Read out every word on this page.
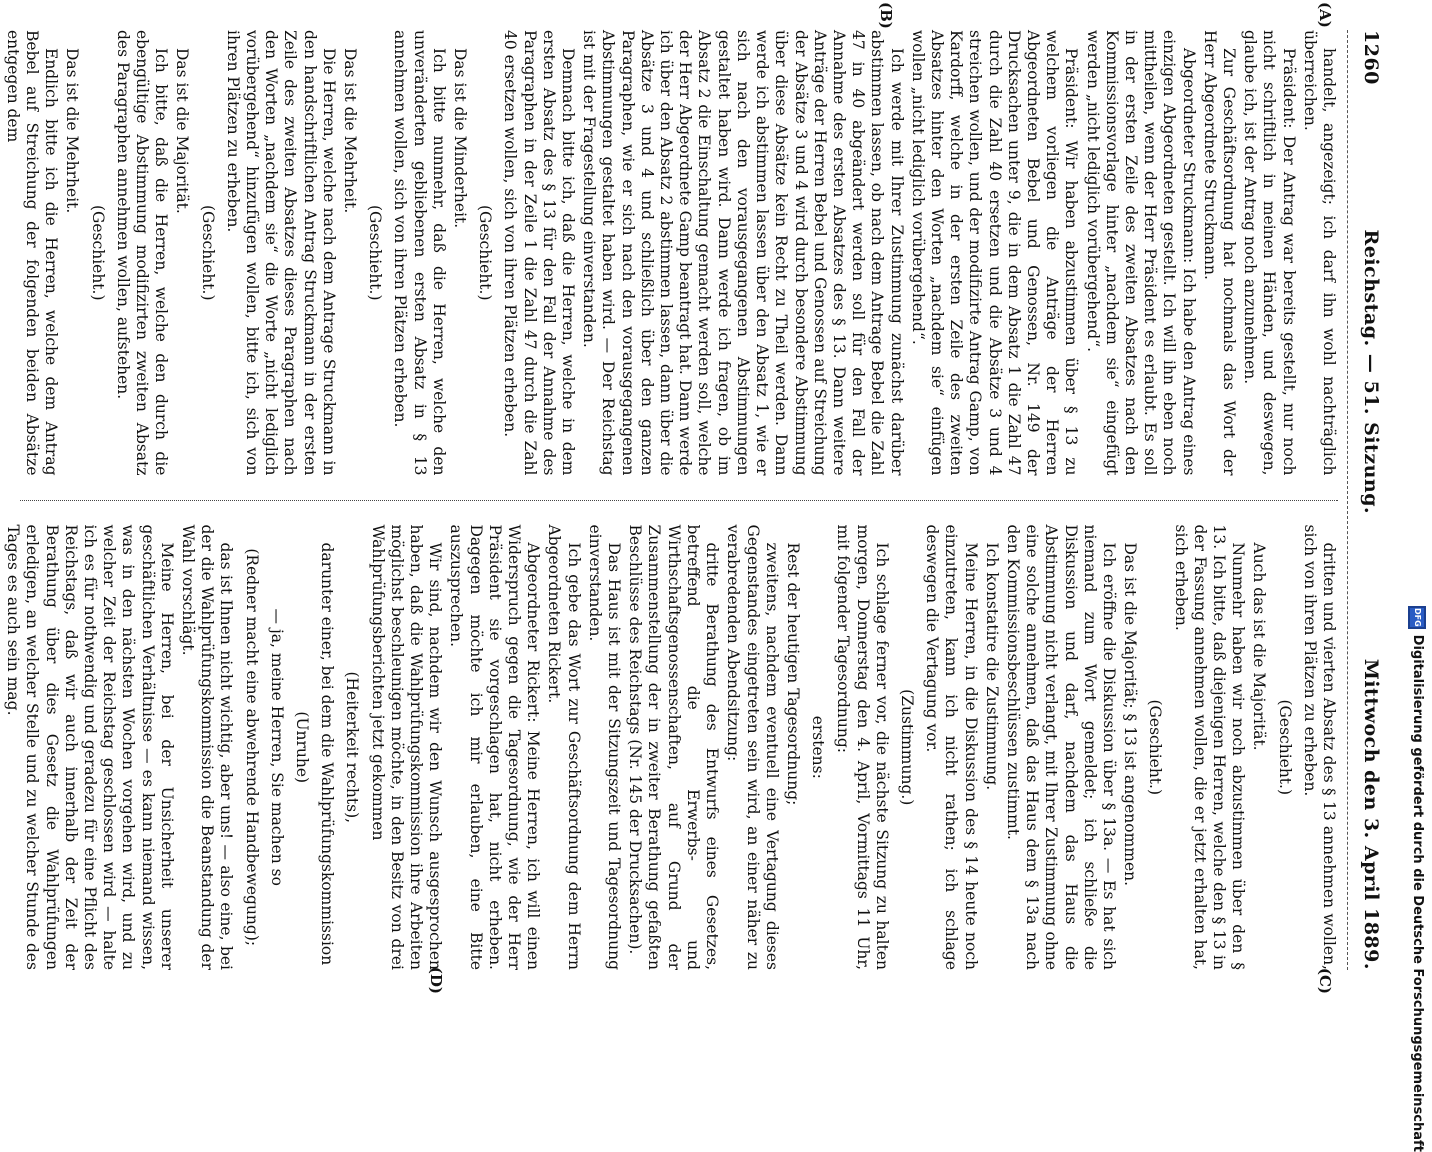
1260
Reichstag. — 51. Sitzung.
Mittwoch den 3. April 1889.
(A)
(B)
(C)
(D)

handelt, angezeigt; ich darf ihn wohl nachträglich überreichen.

Präsident: Der Antrag war bereits gestellt, nur noch nicht schriftlich in meinen Händen, und deswegen, glaube ich, ist der Antrag noch anzunehmen.

Zur Geschäftsordnung hat nochmals das Wort der Herr Abgeordnete Struckmann.

Abgeordneter Struckmann: Ich habe den Antrag eines einzigen Abgeordneten gestellt. Ich will ihn eben noch mittheilen, wenn der Herr Präsident es erlaubt. Es soll in der ersten Zeile des zweiten Absatzes nach den Kommissionsvorlage hinter „nachdem sie“ eingefügt werden „nicht lediglich vorübergehend“.

Präsident: Wir haben abzustimmen über § 13 zu welchem vorliegen die Anträge der Herren Abgeordneten Bebel und Genossen, Nr. 149 der Drucksachen unter 9, die in dem Absatz 1 die Zahl 47 durch die Zahl 40 ersetzen und die Absätze 3 und 4 streichen wollen, und der modifizirte Antrag Gamp, von Kardorff, welche in der ersten Zeile des zweiten Absatzes hinter den Worten „nachdem sie“ einfügen wollen „nicht lediglich vorübergehend“.

Ich werde mit Ihrer Zustimmung zunächst darüber abstimmen lassen, ob nach dem Antrage Bebel die Zahl 47 in 40 abgeändert werden soll für den Fall der Annahme des ersten Absatzes des § 13. Dann weitere Anträge der Herren Bebel und Genossen auf Streichung der Absätze 3 und 4 wird durch besondere Abstimmung über diese Absätze kein Recht zu Theil werden. Dann werde ich abstimmen lassen über den Absatz 1, wie er sich nach den vorausgegangenen Abstimmungen gestaltet haben wird. Dann werde ich fragen, ob im Absatz 2 die Einschaltung gemacht werden soll, welche der Herr Abgeordnete Gamp beantragt hat. Dann werde ich über den Absatz 2 abstimmen lassen, dann über die Absätze 3 und 4 und schließlich über den ganzen Paragraphen, wie er sich nach den vorausgegangenen Abstimmungen gestaltet haben wird. — Der Reichstag ist mit der Fragestellung einverstanden.

Demnach bitte ich, daß die Herren, welche in dem ersten Absatz des § 13 für den Fall der Annahme des Paragraphen in der Zeile 1 die Zahl 47 durch die Zahl 40 ersetzen wollen, sich von ihren Plätzen erheben.

(Geschieht.)

Das ist die Minderheit.

Ich bitte nunmehr, daß die Herren, welche den unveränderten gebliebenen ersten Absatz in § 13 annehmen wollen, sich von ihren Plätzen erheben.

(Geschieht.)

Das ist die Mehrheit.

Die Herren, welche nach dem Antrage Struckmann in den handschriftlichen Antrag Struckmann in der ersten Zeile des zweiten Absatzes dieses Paragraphen nach den Worten „nachdem sie“ die Worte „nicht lediglich vorübergehend“ hinzufügen wollen, bitte ich, sich von ihren Plätzen zu erheben.

(Geschieht.)

Das ist die Majorität.

Ich bitte, daß die Herren, welche den durch die ebengültige Abstimmung modifizirten zweiten Absatz des Paragraphen annehmen wollen, aufstehen.

(Geschieht.)

Das ist die Mehrheit.

Endlich bitte ich die Herren, welche dem Antrag Bebel auf Streichung der folgenden beiden Absätze entgegen dem

dritten und vierten Absatz des § 13 annehmen wollen, sich von ihren Plätzen zu erheben.

(Geschieht.)

Auch das ist die Majorität.

Nunmehr haben wir noch abzustimmen über den § 13. Ich bitte, daß diejenigen Herren, welche den § 13 in der Fassung annehmen wollen, die er jetzt erhalten hat, sich erheben.

(Geschieht.)

Das ist die Majorität; § 13 ist angenommen.

Ich eröffne die Diskussion über § 13a. — Es hat sich niemand zum Wort gemeldet; ich schließe die Diskussion und darf, nachdem das Haus die Abstimmung nicht verlangt, mit Ihrer Zustimmung ohne eine solche annehmen, daß das Haus dem § 13a nach den Kommissionsbeschlüssen zustimmt.

Ich konstatire die Zustimmung.

Meine Herren, in die Diskussion des § 14 heute noch einzutreten, kann ich nicht rathen; ich schlage deswegen die Vertagung vor.

(Zustimmung.)

Ich schlage ferner vor, die nächste Sitzung zu halten morgen, Donnerstag den 4. April, Vormittags 11 Uhr, mit folgender Tagesordnung:

erstens:

Rest der heutigen Tagesordnung;

zweitens, nachdem eventuell eine Vertagung dieses Gegenstandes eingetreten sein wird, an einer näher zu verabredenden Abendsitzung:

dritte Berathung des Entwurfs eines Gesetzes, betreffend die Erwerbs- und Wirthschaftsgenossenschaften, auf Grund der Zusammenstellung der in zweiter Berathung gefaßten Beschlüsse des Reichstags (Nr. 145 der Drucksachen).

Das Haus ist mit der Sitzungszeit und Tagesordnung einverstanden.

Ich gebe das Wort zur Geschäftsordnung dem Herrn Abgeordneten Rickert.

Abgeordneter Rickert: Meine Herren, ich will einen Widerspruch gegen die Tagesordnung, wie der Herr Präsident sie vorgeschlagen hat, nicht erheben. Dagegen möchte ich mir erlauben, eine Bitte auszusprechen.

Wir sind, nachdem wir den Wunsch ausgesprochen haben, daß die Wahlprüfungskommission ihre Arbeiten möglichst beschleunigen möchte, in den Besitz von drei Wahlprüfungsberichten jetzt gekommen

(Heiterkeit rechts),

darunter einer, bei dem die Wahlprüfungskommission

(Unruhe)

— ja, meine Herren, Sie machen so

(Redner macht eine abwehrende Handbewegung);

das ist Ihnen nicht wichtig, aber uns! — also eine, bei der die Wahlprüfungskommission die Beanstandung der Wahl vorschlägt.

Meine Herren, bei der Unsicherheit unserer geschäftlichen Verhältnisse — es kann niemand wissen, was in den nächsten Wochen vorgehen wird, und zu welcher Zeit der Reichstag geschlossen wird — halte ich es für nothwendig und geradezu für eine Pflicht des Reichstags, daß wir auch innerhalb der Zeit der Berathung über dies Gesetz die Wahlprüfungen erledigen, an welcher Stelle und zu welcher Stunde des Tages es auch sein mag.	DFG
Digitalisierung gefördert durch die Deutsche Forschungsgemeinschaft
